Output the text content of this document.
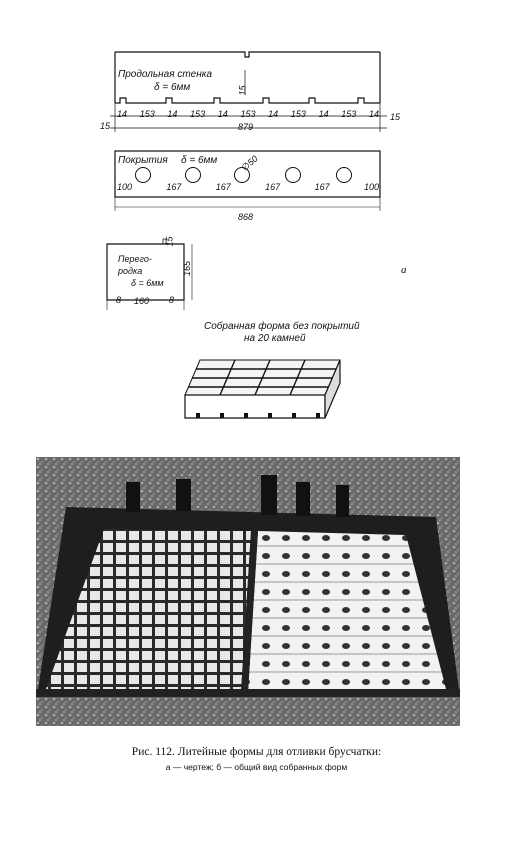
Продольная стенка
δ = 6мм	15
14 153 14 153 14 153 14 153 14 153 14
15
15
879
Покрытия δ = 6мм ∅50
100	167	167	167	167	100
868
Перего-
родка
δ = 6мм
15
165
8 160 8
а
Собранная форма без покрытий
на 20 камней
Рис. 112. Литейные формы для отливки брусчатки:
а — чертеж; б — общий вид собранных форм
